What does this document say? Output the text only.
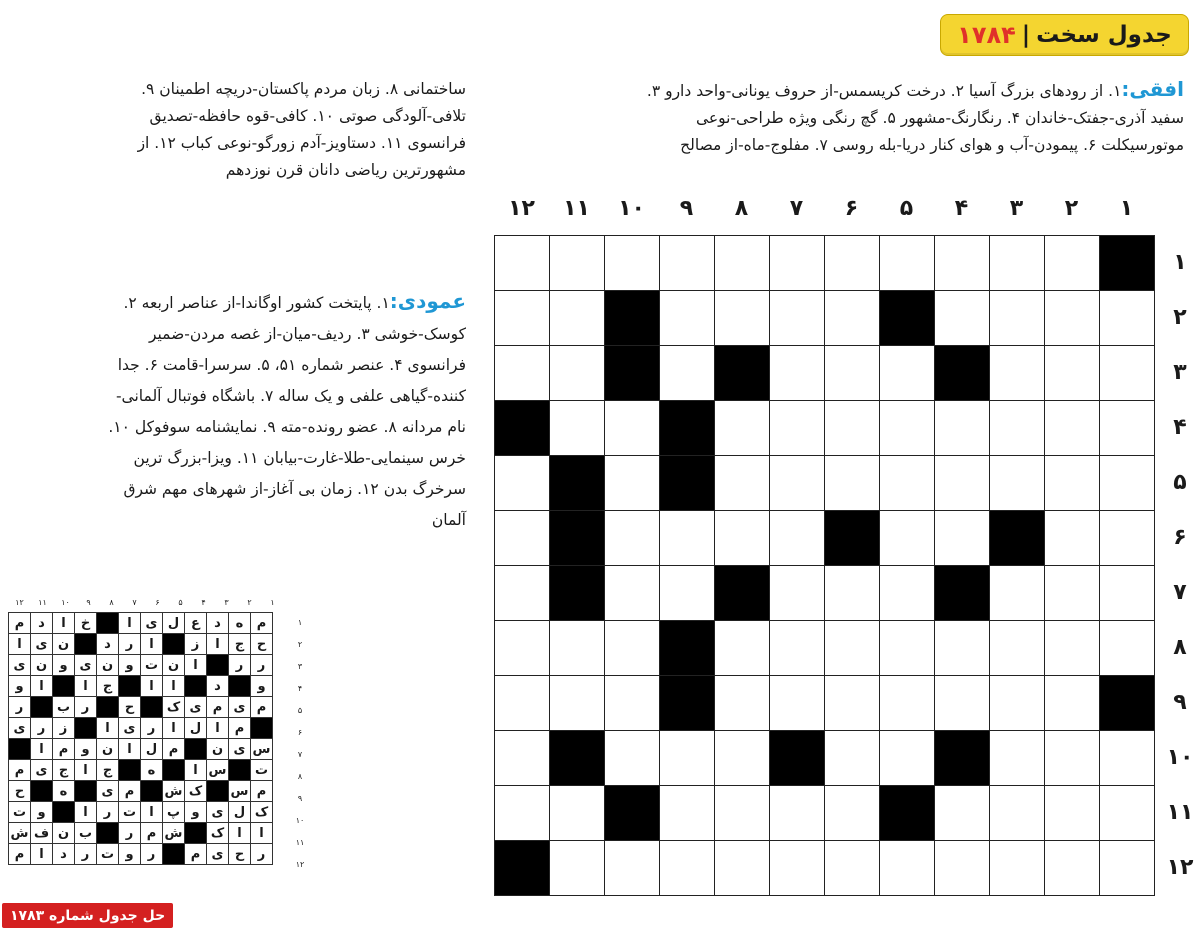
جدول سخت
|
۱۷۸۴
افقی:۱. از رودهای بزرگ آسیا ۲. درخت کریسمس-از حروف یونانی-واحد دارو ۳.
سفید آذری-جفتک-خاندان ۴. رنگارنگ-مشهور ۵. گچ رنگی ویژه طراحی-نوعی
موتورسیکلت ۶. پیمودن-آب و هوای کنار دریا-بله روسی ۷. مفلوج-ماه-از مصالح
ساختمانی ۸. زبان مردم پاکستان-دریچه اطمینان ۹.
تلافی-آلودگی صوتی ۱۰. کافی-قوه حافظه-تصدیق
فرانسوی ۱۱. دستاویز-آدم زورگو-نوعی کباب ۱۲. از
مشهورترین ریاضی دانان قرن نوزدهم
عمودی:۱. پایتخت کشور اوگاندا-از عناصر اربعه ۲.
کوسک-خوشی ۳. ردیف-میان-از غصه مردن-ضمیر
فرانسوی ۴. عنصر شماره ۵۱، ۵. سرسرا-قامت ۶. جدا
کننده-گیاهی علفی و یک ساله ۷. باشگاه فوتبال آلمانی-
نام مردانه ۸. عضو رونده-مته ۹. نمایشنامه سوفوکل ۱۰.
خرس سینمایی-طلا-غارت-بیابان ۱۱. ویزا-بزرگ ترین
سرخرگ بدن ۱۲. زمان بی آغاز-از شهرهای مهم شرق
آلمان
۱
۲
۳
۴
۵
۶
۷
۸
۹
۱۰
۱۱
۱۲
۱
۲
۳
۴
۵
۶
۷
۸
۹
۱۰
۱۱
۱۲

۱
۲
۳
۴
۵
۶
۷
۸
۹
۱۰
۱۱
۱۲
۱
۲
۳
۴
۵
۶
۷
۸
۹
۱۰
۱۱
۱۲
م	ه	د	ع	ل	ی	ا		خ	ا	د	م
ح	ج	ا	ز		ا	ر	د		ن	ی	ا
ر	ر		ا	ن	ت	و	ن	ی	و	ن	ی
و		د		ا	ا		ج	ا		ا	و
م	ی	م	ی	ک		ح		ر	ب		ر
	م	ا	ل	ا	ر	ی	ا		ز	ر	ی
س	ی	ن		م	ل	ا	ن	و	م	ا	
ت		س	ا		ه		ج	ا	ج	ی	م
م	س		ک	ش		م	ی		ه		ح
ک	ل	ی	و	پ	ا	ت	ر	ا		و	ت
ا	ا	ک		ش	م	ر		ب	ن	ف	ش
ر	ح	ی	م		ر	و	ت	ر	د	ا	م
حل جدول شماره ۱۷۸۳
